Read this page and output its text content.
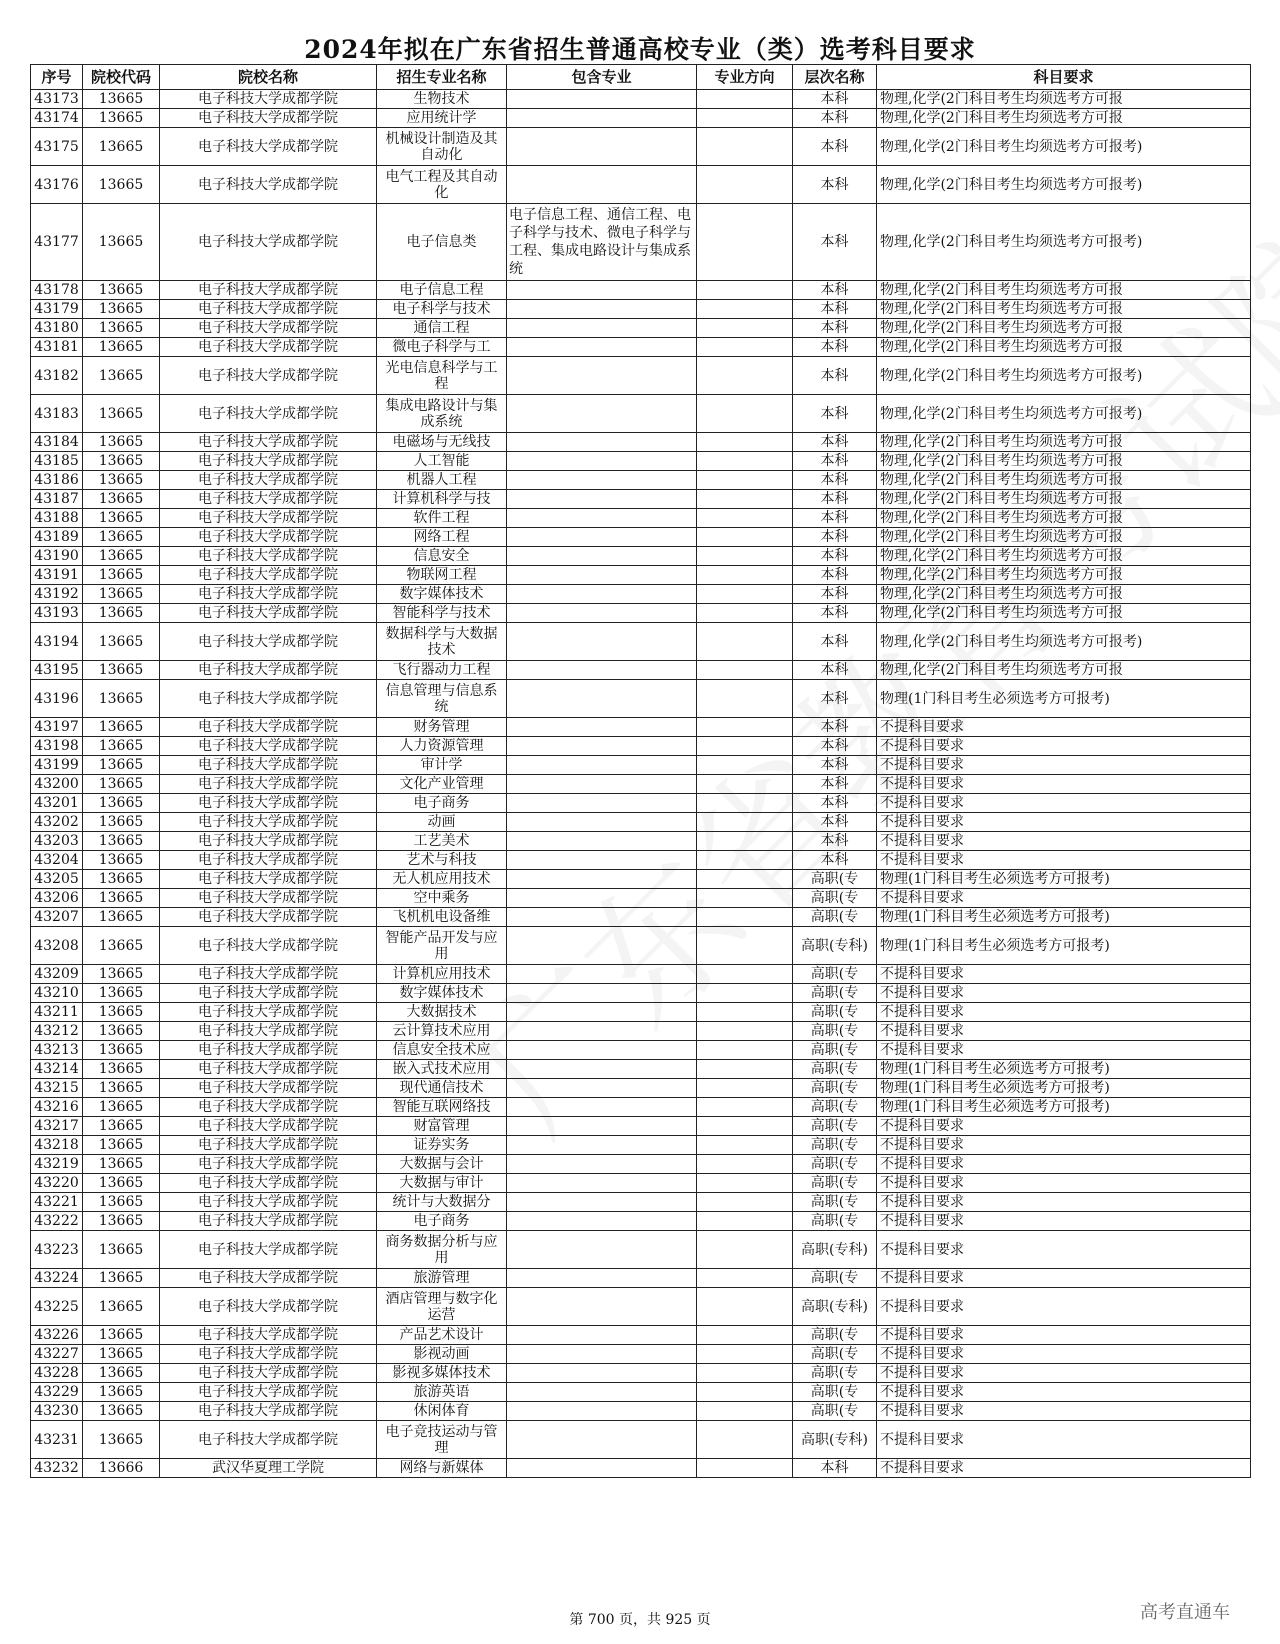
2024年拟在广东省招生普通高校专业（类）选考科目要求
序号	院校代码	院校名称	招生专业名称	包含专业	专业方向	层次名称	科目要求
43173	13665	电子科技大学成都学院	生物技术			本科	物理,化学(2门科目考生均须选考方可报
43174	13665	电子科技大学成都学院	应用统计学			本科	物理,化学(2门科目考生均须选考方可报
43175	13665	电子科技大学成都学院	机械设计制造及其自动化			本科	物理,化学(2门科目考生均须选考方可报考)
43176	13665	电子科技大学成都学院	电气工程及其自动化			本科	物理,化学(2门科目考生均须选考方可报考)
43177	13665	电子科技大学成都学院	电子信息类	电子信息工程、通信工程、电子科学与技术、微电子科学与工程、集成电路设计与集成系统		本科	物理,化学(2门科目考生均须选考方可报考)
43178	13665	电子科技大学成都学院	电子信息工程			本科	物理,化学(2门科目考生均须选考方可报
43179	13665	电子科技大学成都学院	电子科学与技术			本科	物理,化学(2门科目考生均须选考方可报
43180	13665	电子科技大学成都学院	通信工程			本科	物理,化学(2门科目考生均须选考方可报
43181	13665	电子科技大学成都学院	微电子科学与工			本科	物理,化学(2门科目考生均须选考方可报
43182	13665	电子科技大学成都学院	光电信息科学与工程			本科	物理,化学(2门科目考生均须选考方可报考)
43183	13665	电子科技大学成都学院	集成电路设计与集成系统			本科	物理,化学(2门科目考生均须选考方可报考)
43184	13665	电子科技大学成都学院	电磁场与无线技			本科	物理,化学(2门科目考生均须选考方可报
43185	13665	电子科技大学成都学院	人工智能			本科	物理,化学(2门科目考生均须选考方可报
43186	13665	电子科技大学成都学院	机器人工程			本科	物理,化学(2门科目考生均须选考方可报
43187	13665	电子科技大学成都学院	计算机科学与技			本科	物理,化学(2门科目考生均须选考方可报
43188	13665	电子科技大学成都学院	软件工程			本科	物理,化学(2门科目考生均须选考方可报
43189	13665	电子科技大学成都学院	网络工程			本科	物理,化学(2门科目考生均须选考方可报
43190	13665	电子科技大学成都学院	信息安全			本科	物理,化学(2门科目考生均须选考方可报
43191	13665	电子科技大学成都学院	物联网工程			本科	物理,化学(2门科目考生均须选考方可报
43192	13665	电子科技大学成都学院	数字媒体技术			本科	物理,化学(2门科目考生均须选考方可报
43193	13665	电子科技大学成都学院	智能科学与技术			本科	物理,化学(2门科目考生均须选考方可报
43194	13665	电子科技大学成都学院	数据科学与大数据技术			本科	物理,化学(2门科目考生均须选考方可报考)
43195	13665	电子科技大学成都学院	飞行器动力工程			本科	物理,化学(2门科目考生均须选考方可报
43196	13665	电子科技大学成都学院	信息管理与信息系统			本科	物理(1门科目考生必须选考方可报考)
43197	13665	电子科技大学成都学院	财务管理			本科	不提科目要求
43198	13665	电子科技大学成都学院	人力资源管理			本科	不提科目要求
43199	13665	电子科技大学成都学院	审计学			本科	不提科目要求
43200	13665	电子科技大学成都学院	文化产业管理			本科	不提科目要求
43201	13665	电子科技大学成都学院	电子商务			本科	不提科目要求
43202	13665	电子科技大学成都学院	动画			本科	不提科目要求
43203	13665	电子科技大学成都学院	工艺美术			本科	不提科目要求
43204	13665	电子科技大学成都学院	艺术与科技			本科	不提科目要求
43205	13665	电子科技大学成都学院	无人机应用技术			高职(专	物理(1门科目考生必须选考方可报考)
43206	13665	电子科技大学成都学院	空中乘务			高职(专	不提科目要求
43207	13665	电子科技大学成都学院	飞机机电设备维			高职(专	物理(1门科目考生必须选考方可报考)
43208	13665	电子科技大学成都学院	智能产品开发与应用			高职(专科)	物理(1门科目考生必须选考方可报考)
43209	13665	电子科技大学成都学院	计算机应用技术			高职(专	不提科目要求
43210	13665	电子科技大学成都学院	数字媒体技术			高职(专	不提科目要求
43211	13665	电子科技大学成都学院	大数据技术			高职(专	不提科目要求
43212	13665	电子科技大学成都学院	云计算技术应用			高职(专	不提科目要求
43213	13665	电子科技大学成都学院	信息安全技术应			高职(专	不提科目要求
43214	13665	电子科技大学成都学院	嵌入式技术应用			高职(专	物理(1门科目考生必须选考方可报考)
43215	13665	电子科技大学成都学院	现代通信技术			高职(专	物理(1门科目考生必须选考方可报考)
43216	13665	电子科技大学成都学院	智能互联网络技			高职(专	物理(1门科目考生必须选考方可报考)
43217	13665	电子科技大学成都学院	财富管理			高职(专	不提科目要求
43218	13665	电子科技大学成都学院	证券实务			高职(专	不提科目要求
43219	13665	电子科技大学成都学院	大数据与会计			高职(专	不提科目要求
43220	13665	电子科技大学成都学院	大数据与审计			高职(专	不提科目要求
43221	13665	电子科技大学成都学院	统计与大数据分			高职(专	不提科目要求
43222	13665	电子科技大学成都学院	电子商务			高职(专	不提科目要求
43223	13665	电子科技大学成都学院	商务数据分析与应用			高职(专科)	不提科目要求
43224	13665	电子科技大学成都学院	旅游管理			高职(专	不提科目要求
43225	13665	电子科技大学成都学院	酒店管理与数字化运营			高职(专科)	不提科目要求
43226	13665	电子科技大学成都学院	产品艺术设计			高职(专	不提科目要求
43227	13665	电子科技大学成都学院	影视动画			高职(专	不提科目要求
43228	13665	电子科技大学成都学院	影视多媒体技术			高职(专	不提科目要求
43229	13665	电子科技大学成都学院	旅游英语			高职(专	不提科目要求
43230	13665	电子科技大学成都学院	休闲体育			高职(专	不提科目要求
43231	13665	电子科技大学成都学院	电子竞技运动与管理			高职(专科)	不提科目要求
43232	13666	武汉华夏理工学院	网络与新媒体			本科	不提科目要求
第 700 页，共 925 页	高考直通车
